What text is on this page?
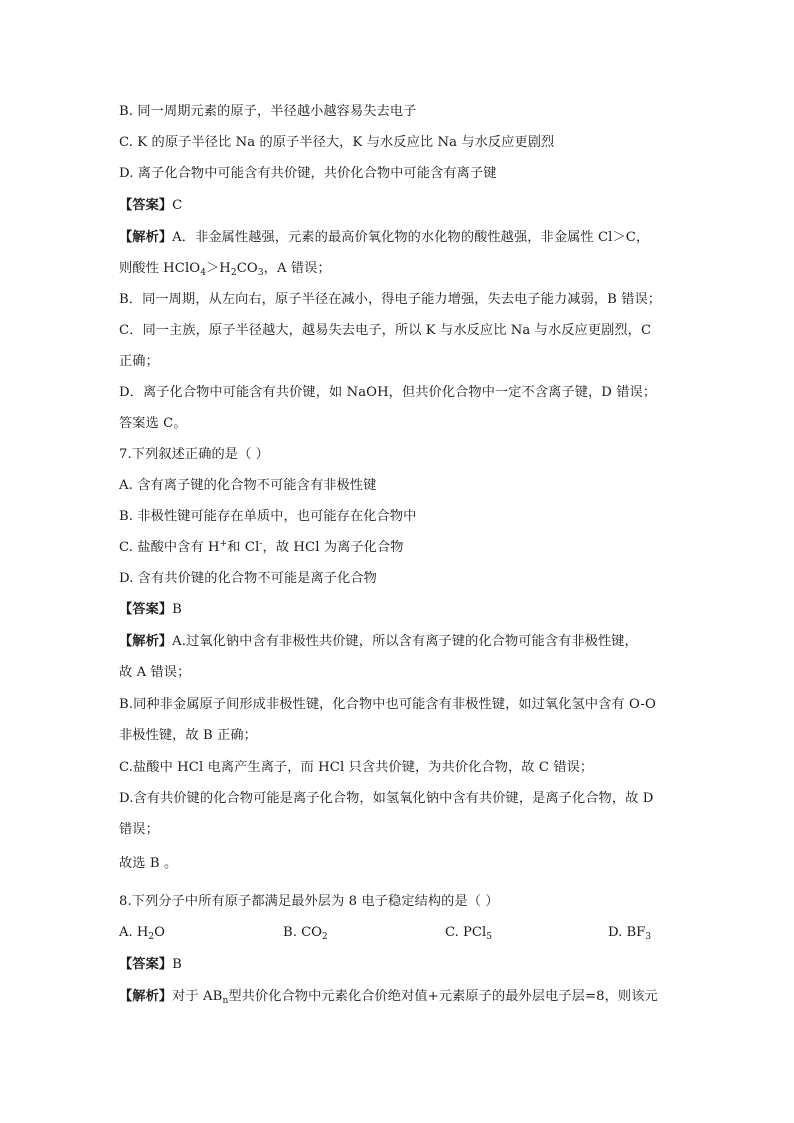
B. 同一周期元素的原子，半径越小越容易失去电子
C. K 的原子半径比 Na 的原子半径大，K 与水反应比 Na 与水反应更剧烈
D. 离子化合物中可能含有共价键，共价化合物中可能含有离子键
【答案】C
【解析】A．非金属性越强，元素的最高价氧化物的水化物的酸性越强，非金属性 Cl＞C，
则酸性 $HClO_4>H_2CO_3$，A 错误；
B．同一周期，从左向右，原子半径在减小，得电子能力增强，失去电子能力减弱，B 错误；
C．同一主族，原子半径越大，越易失去电子，所以 K 与水反应比 Na 与水反应更剧烈，C
正确；
D．离子化合物中可能含有共价键，如 NaOH，但共价化合物中一定不含离子键，D 错误；
答案选 C。
7.下列叙述正确的是（ ）
A. 含有离子键的化合物不可能含有非极性键
B. 非极性键可能存在单质中，也可能存在化合物中
C. 盐酸中含有 H+和 Cl-，故 HCl 为离子化合物
D. 含有共价键的化合物不可能是离子化合物
【答案】B
【解析】A.过氧化钠中含有非极性共价键，所以含有离子键的化合物可能含有非极性键，
故 A 错误；
B.同种非金属原子间形成非极性键，化合物中也可能含有非极性键，如过氧化氢中含有 O-O
非极性键，故 B 正确；
C.盐酸中 HCl 电离产生离子，而 HCl 只含共价键，为共价化合物，故 C 错误；
D.含有共价键的化合物可能是离子化合物，如氢氧化钠中含有共价键，是离子化合物，故 D
错误；
故选 B 。
8.下列分子中所有原子都满足最外层为 8 电子稳定结构的是（ ）
A. $H_2O$	B. $CO_2$	C. PCl$_5$	D. $BF_3$
【答案】B
【解析】对于 $AB_n$型共价化合物中元素化合价绝对值+元素原子的最外层电子层=8，则该元
